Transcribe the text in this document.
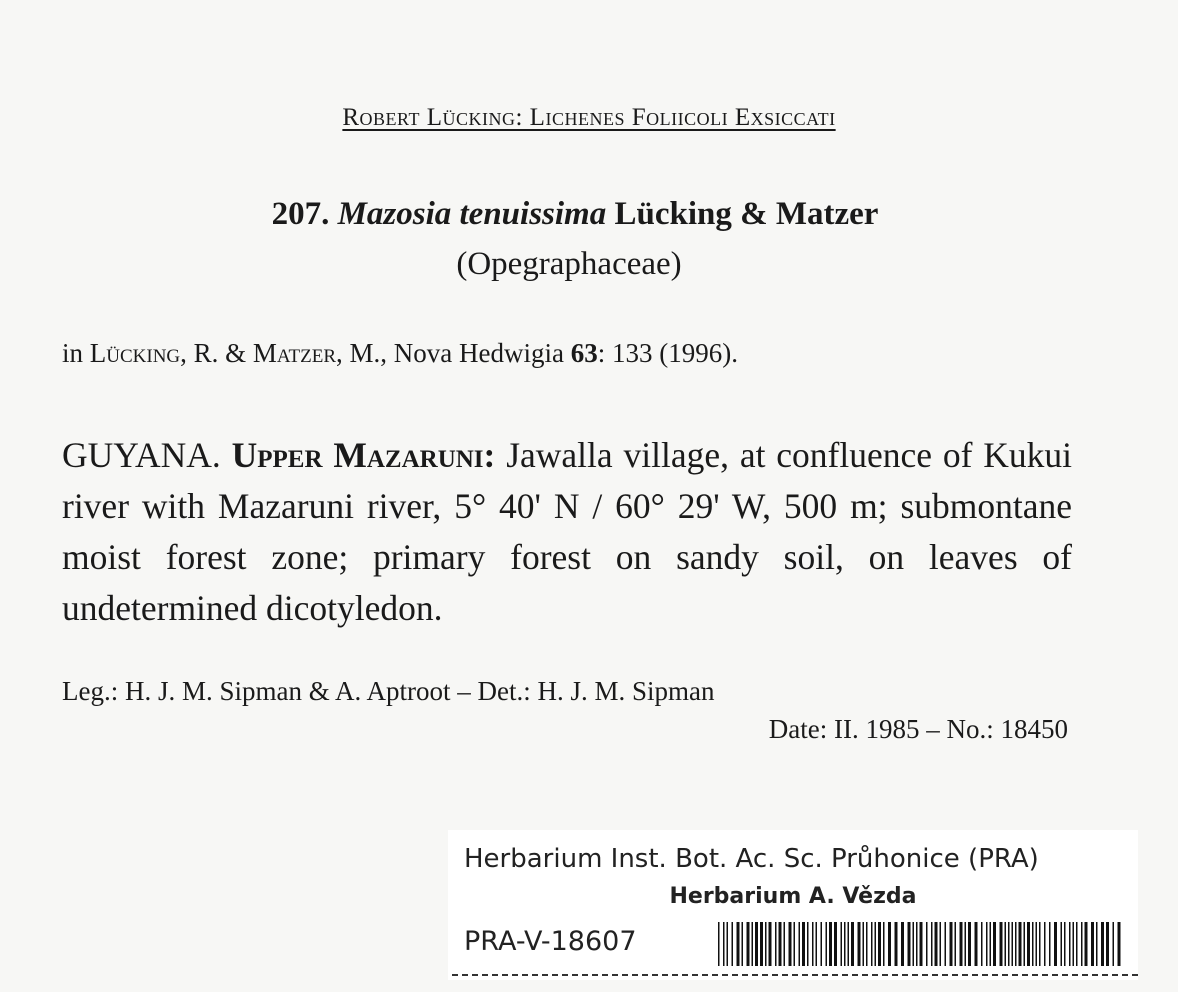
Robert Lücking: Lichenes Foliicoli Exsiccati
207. Mazosia tenuissima Lücking & Matzer
(Opegraphaceae)
in Lücking, R. & Matzer, M., Nova Hedwigia 63: 133 (1996).
GUYANA. Upper Mazaruni: Jawalla village, at confluence of Kukui river with Mazaruni river, 5° 40' N / 60° 29' W, 500 m; submontane moist forest zone; primary forest on sandy soil, on leaves of undetermined dicotyledon.
Leg.: H. J. M. Sipman & A. Aptroot – Det.: H. J. M. Sipman
Date: II. 1985 – No.: 18450
Herbarium Inst. Bot. Ac. Sc. Průhonice (PRA)
Herbarium A. Vězda
PRA-V-18607
